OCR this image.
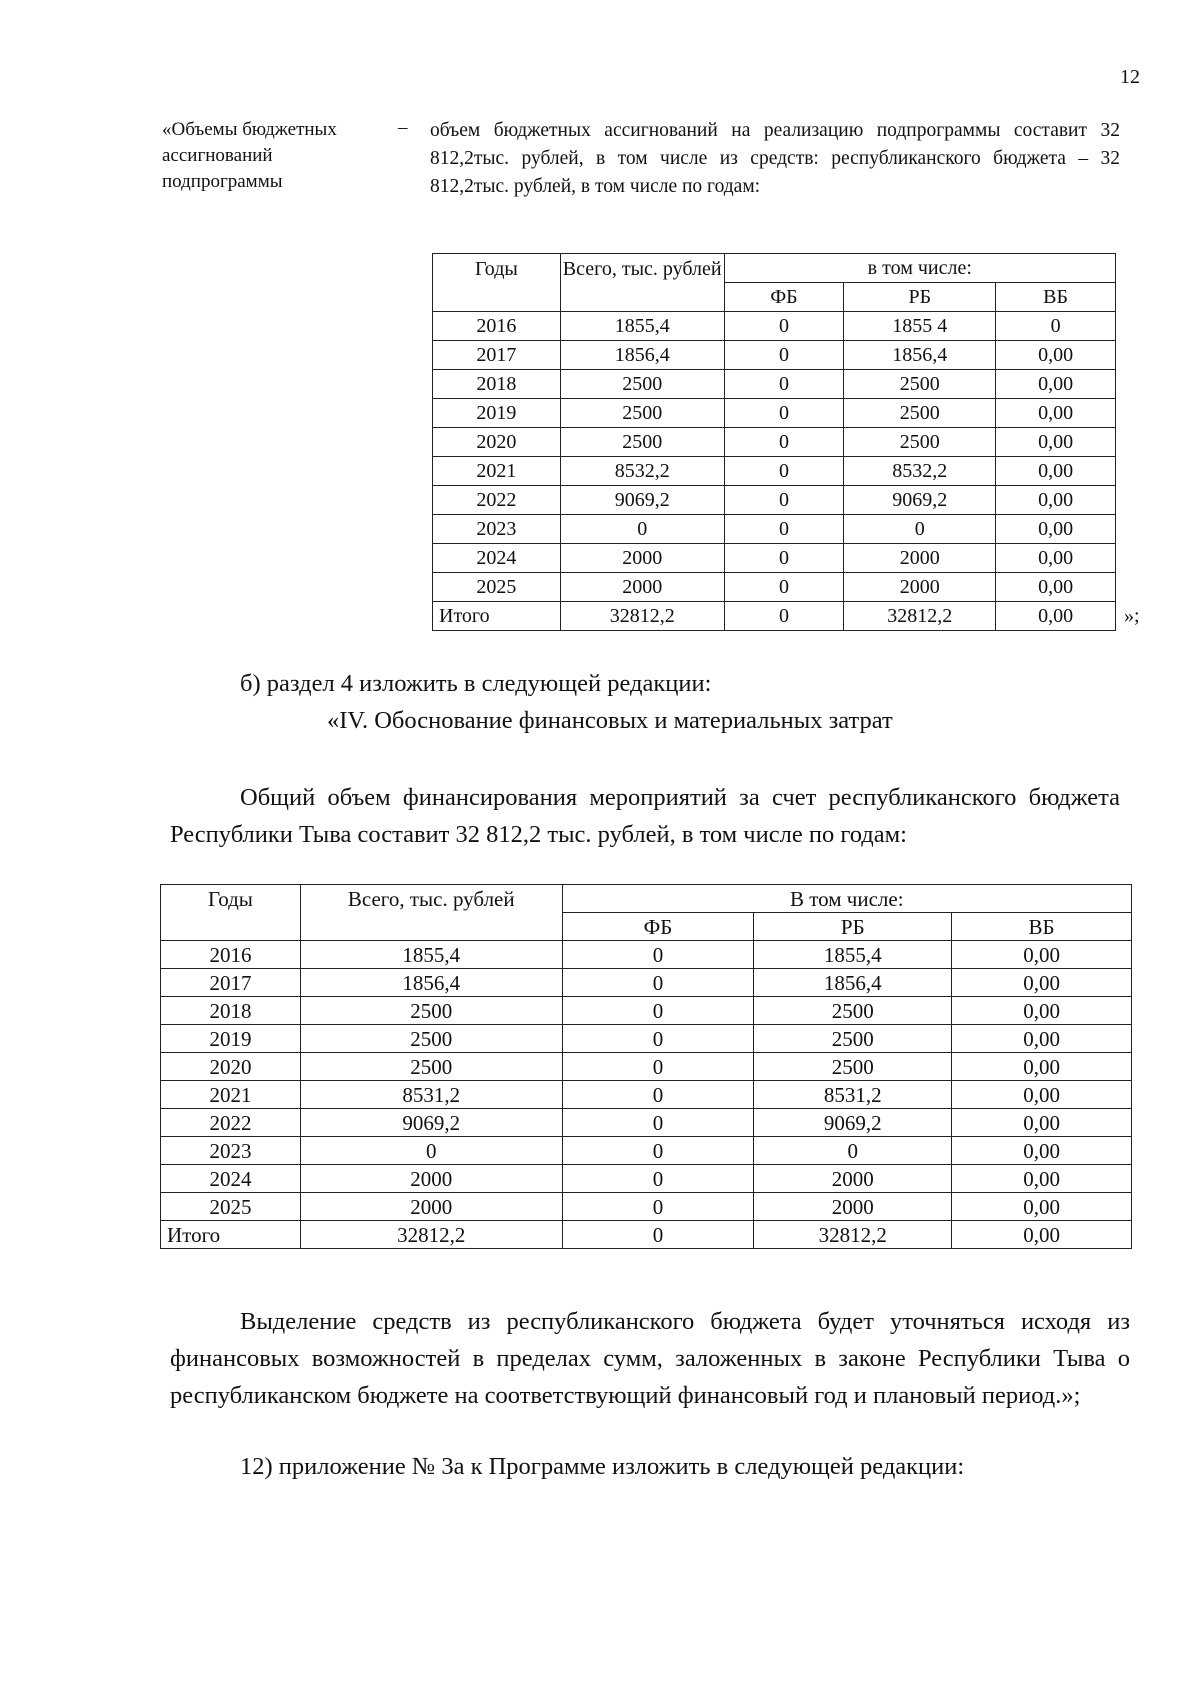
12
«Объемы бюджетных ассигнований подпрограммы
– объем бюджетных ассигнований на реализацию подпрограммы составит 32 812,2тыс. рублей, в том числе из средств: республиканского бюджета – 32 812,2тыс. рублей, в том числе по годам:
Годы	Всего, тыс. рублей	в том числе:		
		ФБ	РБ	ВБ
2016	1855,4	0	1855 4	0
2017	1856,4	0	1856,4	0,00
2018	2500	0	2500	0,00
2019	2500	0	2500	0,00
2020	2500	0	2500	0,00
2021	8532,2	0	8532,2	0,00
2022	9069,2	0	9069,2	0,00
2023	0	0	0	0,00
2024	2000	0	2000	0,00
2025	2000	0	2000	0,00
Итого	32812,2	0	32812,2	0,00	»;
б) раздел 4 изложить в следующей редакции:
«IV. Обоснование финансовых и материальных затрат
Общий объем финансирования мероприятий за счет республиканского бюджета Республики Тыва составит 32 812,2 тыс. рублей, в том числе по годам:
Годы	Всего, тыс. рублей	В том числе:		
		ФБ	РБ	ВБ
2016	1855,4	0	1855,4	0,00
2017	1856,4	0	1856,4	0,00
2018	2500	0	2500	0,00
2019	2500	0	2500	0,00
2020	2500	0	2500	0,00
2021	8531,2	0	8531,2	0,00
2022	9069,2	0	9069,2	0,00
2023	0	0	0	0,00
2024	2000	0	2000	0,00
2025	2000	0	2000	0,00
Итого	32812,2	0	32812,2	0,00
Выделение средств из республиканского бюджета будет уточняться исходя из финансовых возможностей в пределах сумм, заложенных в законе Республики Тыва о республиканском бюджете на соответствующий финансовый год и плановый период.»;
12) приложение № 3а к Программе изложить в следующей редакции:
